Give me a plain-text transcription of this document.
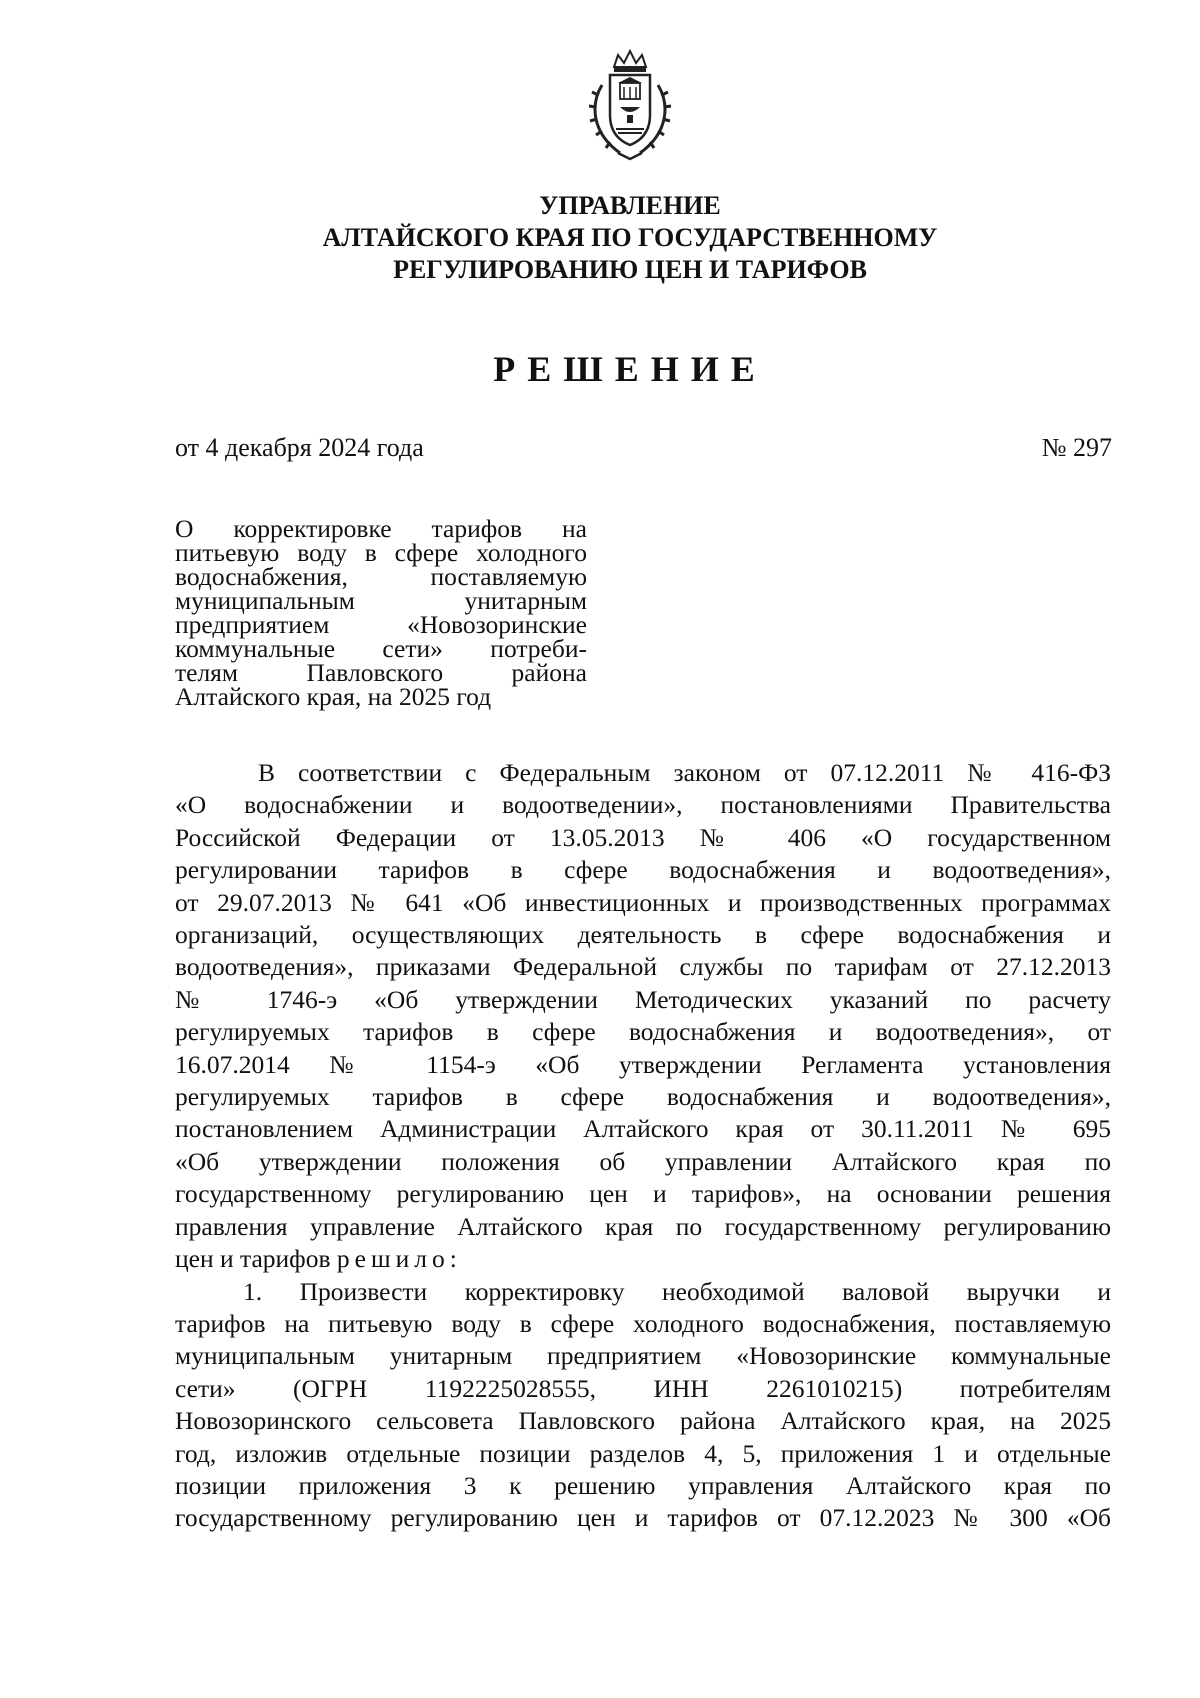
УПРАВЛЕНИЕ
АЛТАЙСКОГО КРАЯ ПО ГОСУДАРСТВЕННОМУ
РЕГУЛИРОВАНИЮ ЦЕН И ТАРИФОВ
РЕШЕНИЕ
от 4 декабря 2024 года	№ 297
О корректировке тарифов на
питьевую воду в сфере холодного
водоснабжения, поставляемую
муниципальным унитарным
предприятием «Новозоринские
коммунальные сети» потреби-
телям Павловского района
Алтайского края, на 2025 год
В соответствии с Федеральным законом от 07.12.2011 № 416-ФЗ
«О водоснабжении и водоотведении», постановлениями Правительства
Российской Федерации от 13.05.2013 № 406 «О государственном
регулировании тарифов в сфере водоснабжения и водоотведения»,
от 29.07.2013 № 641 «Об инвестиционных и производственных программах
организаций, осуществляющих деятельность в сфере водоснабжения и
водоотведения», приказами Федеральной службы по тарифам от 27.12.2013
№ 1746-э «Об утверждении Методических указаний по расчету
регулируемых тарифов в сфере водоснабжения и водоотведения», от
16.07.2014 № 1154-э «Об утверждении Регламента установления
регулируемых тарифов в сфере водоснабжения и водоотведения»,
постановлением Администрации Алтайского края от 30.11.2011 № 695
«Об утверждении положения об управлении Алтайского края по
государственному регулированию цен и тарифов», на основании решения
правления управление Алтайского края по государственному регулированию
цен и тарифов решило:
1. Произвести корректировку необходимой валовой выручки и
тарифов на питьевую воду в сфере холодного водоснабжения, поставляемую
муниципальным унитарным предприятием «Новозоринские коммунальные
сети» (ОГРН 1192225028555, ИНН 2261010215) потребителям
Новозоринского сельсовета Павловского района Алтайского края, на 2025
год, изложив отдельные позиции разделов 4, 5, приложения 1 и отдельные
позиции приложения 3 к решению управления Алтайского края по
государственному регулированию цен и тарифов от 07.12.2023 № 300 «Об
